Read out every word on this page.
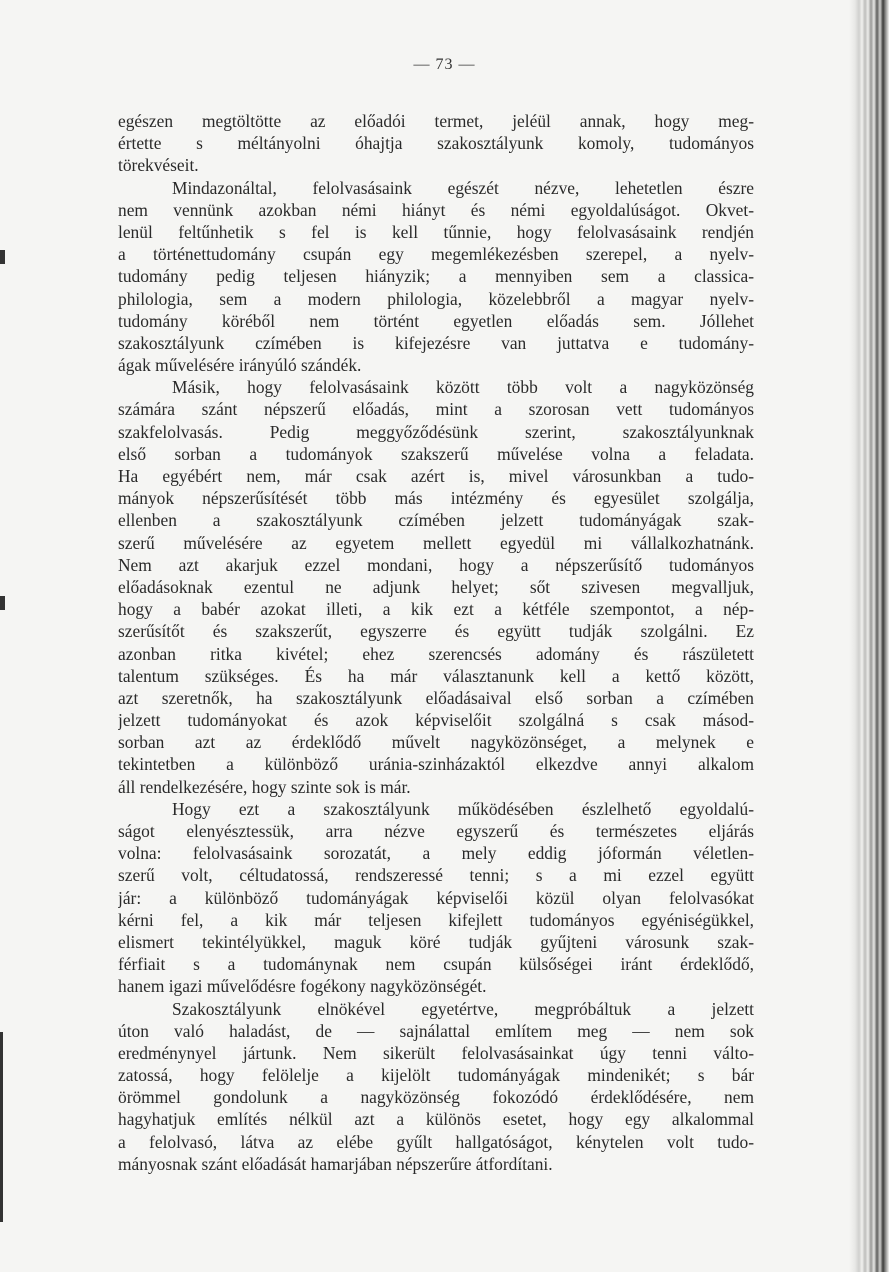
— 73 —
egészen megtöltötte az előadói termet, jeléül annak, hogy meg-
értette s méltányolni óhajtja szakosztályunk komoly, tudományos
törekvéseit.
Mindazonáltal, felolvasásaink egészét nézve, lehetetlen észre
nem vennünk azokban némi hiányt és némi egyoldalúságot. Okvet-
lenül feltűnhetik s fel is kell tűnnie, hogy felolvasásaink rendjén
a történettudomány csupán egy megemlékezésben szerepel, a nyelv-
tudomány pedig teljesen hiányzik; a mennyiben sem a classica-
philologia, sem a modern philologia, közelebbről a magyar nyelv-
tudomány köréből nem történt egyetlen előadás sem. Jóllehet
szakosztályunk czímében is kifejezésre van juttatva e tudomány-
ágak művelésére irányúló szándék.
Másik, hogy felolvasásaink között több volt a nagyközönség
számára szánt népszerű előadás, mint a szorosan vett tudományos
szakfelolvasás. Pedig meggyőződésünk szerint, szakosztályunknak
első sorban a tudományok szakszerű művelése volna a feladata.
Ha egyébért nem, már csak azért is, mivel városunkban a tudo-
mányok népszerűsítését több más intézmény és egyesület szolgálja,
ellenben a szakosztályunk czímében jelzett tudományágak szak-
szerű művelésére az egyetem mellett egyedül mi vállalkozhatnánk.
Nem azt akarjuk ezzel mondani, hogy a népszerűsítő tudományos
előadásoknak ezentul ne adjunk helyet; sőt szivesen megvalljuk,
hogy a babér azokat illeti, a kik ezt a kétféle szempontot, a nép-
szerűsítőt és szakszerűt, egyszerre és együtt tudják szolgálni. Ez
azonban ritka kivétel; ehez szerencsés adomány és rászületett
talentum szükséges. És ha már választanunk kell a kettő között,
azt szeretnők, ha szakosztályunk előadásaival első sorban a czímében
jelzett tudományokat és azok képviselőit szolgálná s csak másod-
sorban azt az érdeklődő művelt nagyközönséget, a melynek e
tekintetben a különböző uránia-szinházaktól elkezdve annyi alkalom
áll rendelkezésére, hogy szinte sok is már.
Hogy ezt a szakosztályunk működésében észlelhető egyoldalú-
ságot elenyésztessük, arra nézve egyszerű és természetes eljárás
volna: felolvasásaink sorozatát, a mely eddig jóformán véletlen-
szerű volt, céltudatossá, rendszeressé tenni; s a mi ezzel együtt
jár: a különböző tudományágak képviselői közül olyan felolvasókat
kérni fel, a kik már teljesen kifejlett tudományos egyéniségükkel,
elismert tekintélyükkel, maguk köré tudják gyűjteni városunk szak-
férfiait s a tudománynak nem csupán külsőségei iránt érdeklődő,
hanem igazi művelődésre fogékony nagyközönségét.
Szakosztályunk elnökével egyetértve, megpróbáltuk a jelzett
úton való haladást, de — sajnálattal említem meg — nem sok
eredménynyel jártunk. Nem sikerült felolvasásainkat úgy tenni válto-
zatossá, hogy felölelje a kijelölt tudományágak mindenikét; s bár
örömmel gondolunk a nagyközönség fokozódó érdeklődésére, nem
hagyhatjuk említés nélkül azt a különös esetet, hogy egy alkalommal
a felolvasó, látva az elébe gyűlt hallgatóságot, kénytelen volt tudo-
mányosnak szánt előadását hamarjában népszerűre átfordítani.
